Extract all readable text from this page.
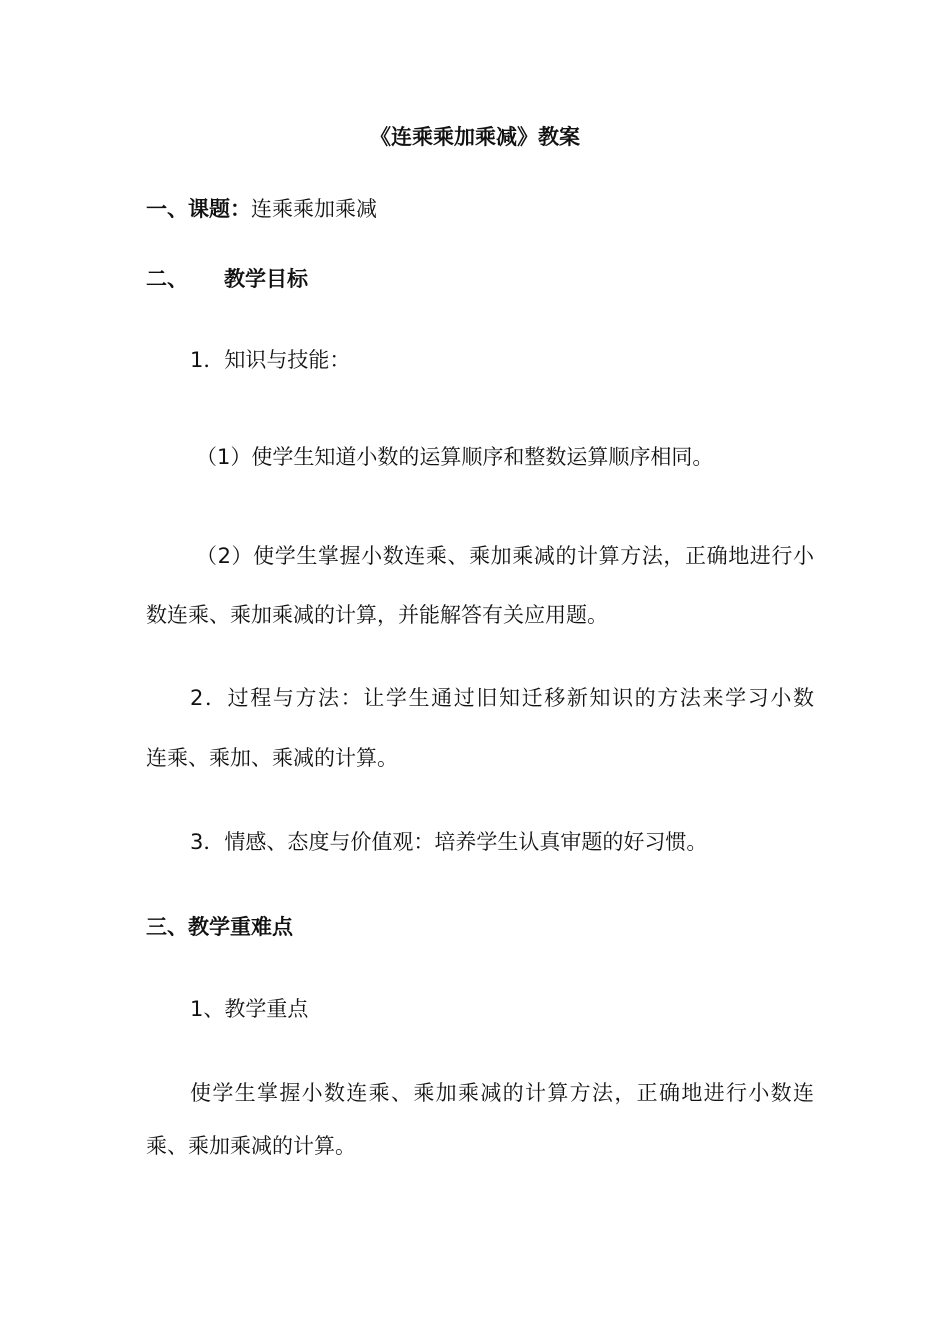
《连乘乘加乘减》教案
一、课题：连乘乘加乘减
二、 教学目标
1．知识与技能：
（1）使学生知道小数的运算顺序和整数运算顺序相同。
（2）使学生掌握小数连乘、乘加乘减的计算方法，正确地进行小
数连乘、乘加乘减的计算，并能解答有关应用题。
2．过程与方法：让学生通过旧知迁移新知识的方法来学习小数
连乘、乘加、乘减的计算。
3．情感、态度与价值观：培养学生认真审题的好习惯。
三、教学重难点
1、教学重点
使学生掌握小数连乘、乘加乘减的计算方法，正确地进行小数连
乘、乘加乘减的计算。
